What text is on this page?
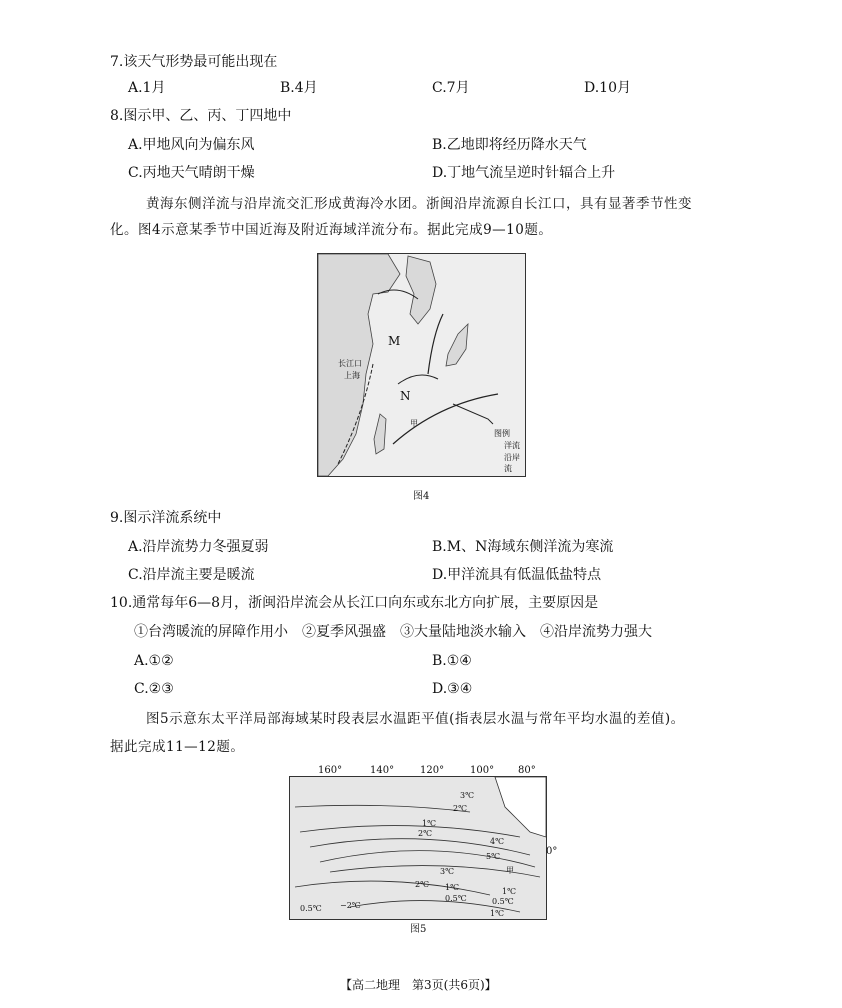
7.该天气形势最可能出现在
A.1月	B.4月	C.7月	D.10月
8.图示甲、乙、丙、丁四地中
A.甲地风向为偏东风	B.乙地即将经历降水天气
C.丙地天气晴朗干燥	D.丁地气流呈逆时针辐合上升
黄海东侧洋流与沿岸流交汇形成黄海冷水团。浙闽沿岸流源自长江口，具有显著季节性变
化。图4示意某季节中国近海及附近海域洋流分布。据此完成9—10题。
M
N
长江口
上海
甲
图例
洋流
沿岸流
图4
9.图示洋流系统中
A.沿岸流势力冬强夏弱	B.M、N海域东侧洋流为寒流
C.沿岸流主要是暖流	D.甲洋流具有低温低盐特点
10.通常每年6—8月，浙闽沿岸流会从长江口向东或东北方向扩展，主要原因是
①台湾暖流的屏障作用小　②夏季风强盛　③大量陆地淡水输入　④沿岸流势力强大
A.①②	B.①④
C.②③	D.③④
图5示意东太平洋局部海域某时段表层水温距平值(指表层水温与常年平均水温的差值)。
据此完成11—12题。
160°	140°	120°	100° 80°
3℃
2℃
1℃
2℃
4℃
5℃
3℃
2℃ 1℃
0.5℃
0.5℃ −2℃
1℃
0.5℃
1℃
甲
0°
图5
【高二地理　第3页(共6页)】
